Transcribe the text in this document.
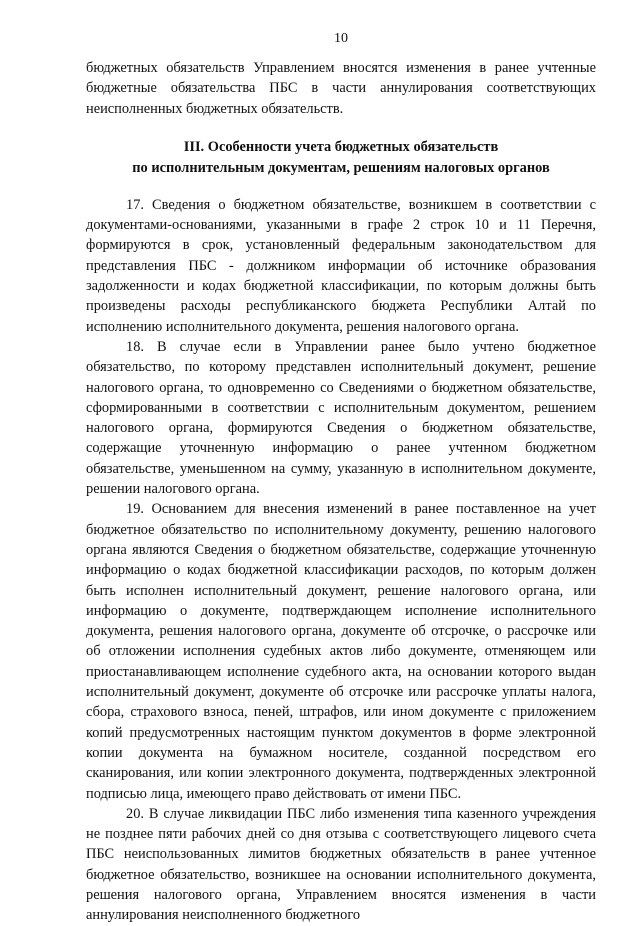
10

бюджетных обязательств Управлением вносятся изменения в ранее учтенные бюджетные обязательства ПБС в части аннулирования соответствующих неисполненных бюджетных обязательств.

III. Особенности учета бюджетных обязательств
по исполнительным документам, решениям налоговых органов

17. Сведения о бюджетном обязательстве, возникшем в соответствии с документами-основаниями, указанными в графе 2 строк 10 и 11 Перечня, формируются в срок, установленный федеральным законодательством для представления ПБС - должником информации об источнике образования задолженности и кодах бюджетной классификации, по которым должны быть произведены расходы республиканского бюджета Республики Алтай по исполнению исполнительного документа, решения налогового органа.

18. В случае если в Управлении ранее было учтено бюджетное обязательство, по которому представлен исполнительный документ, решение налогового органа, то одновременно со Сведениями о бюджетном обязательстве, сформированными в соответствии с исполнительным документом, решением налогового органа, формируются Сведения о бюджетном обязательстве, содержащие уточненную информацию о ранее учтенном бюджетном обязательстве, уменьшенном на сумму, указанную в исполнительном документе, решении налогового органа.

19. Основанием для внесения изменений в ранее поставленное на учет бюджетное обязательство по исполнительному документу, решению налогового органа являются Сведения о бюджетном обязательстве, содержащие уточненную информацию о кодах бюджетной классификации расходов, по которым должен быть исполнен исполнительный документ, решение налогового органа, или информацию о документе, подтверждающем исполнение исполнительного документа, решения налогового органа, документе об отсрочке, о рассрочке или об отложении исполнения судебных актов либо документе, отменяющем или приостанавливающем исполнение судебного акта, на основании которого выдан исполнительный документ, документе об отсрочке или рассрочке уплаты налога, сбора, страхового взноса, пеней, штрафов, или ином документе с приложением копий предусмотренных настоящим пунктом документов в форме электронной копии документа на бумажном носителе, созданной посредством его сканирования, или копии электронного документа, подтвержденных электронной подписью лица, имеющего право действовать от имени ПБС.

20. В случае ликвидации ПБС либо изменения типа казенного учреждения не позднее пяти рабочих дней со дня отзыва с соответствующего лицевого счета ПБС неиспользованных лимитов бюджетных обязательств в ранее учтенное бюджетное обязательство, возникшее на основании исполнительного документа, решения налогового органа, Управлением вносятся изменения в части аннулирования неисполненного бюджетного
